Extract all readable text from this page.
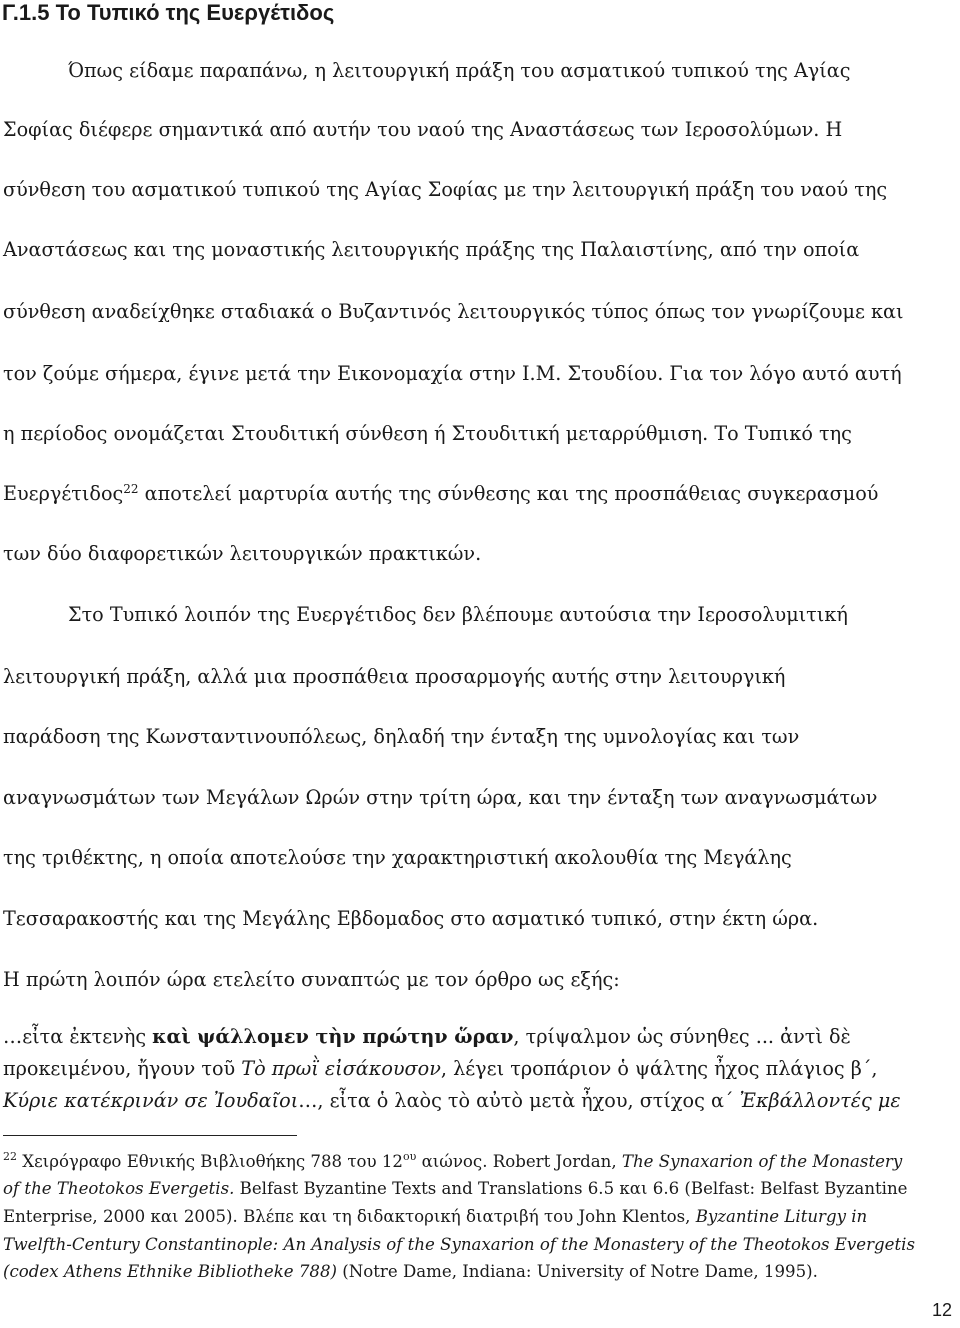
Γ.1.5 Το Τυπικό της Ευεργέτιδος
Όπως είδαμε παραπάνω, η λειτουργική πράξη του ασματικού τυπικού της Αγίας
Σοφίας διέφερε σημαντικά από αυτήν του ναού της Αναστάσεως των Ιεροσολύμων. Η
σύνθεση του ασματικού τυπικού της Αγίας Σοφίας με την λειτουργική πράξη του ναού της
Αναστάσεως και της μοναστικής λειτουργικής πράξης της Παλαιστίνης, από την οποία
σύνθεση αναδείχθηκε σταδιακά ο Βυζαντινός λειτουργικός τύπος όπως τον γνωρίζουμε και
τον ζούμε σήμερα, έγινε μετά την Εικονομαχία στην Ι.Μ. Στουδίου. Για τον λόγο αυτό αυτή
η περίοδος ονομάζεται Στουδιτική σύνθεση ή Στουδιτική μεταρρύθμιση. Το Τυπικό της
Ευεργέτιδος$^{22}$ αποτελεί μαρτυρία αυτής της σύνθεσης και της προσπάθειας συγκερασμού
των δύο διαφορετικών λειτουργικών πρακτικών.
Στο Τυπικό λοιπόν της Ευεργέτιδος δεν βλέπουμε αυτούσια την Ιεροσολυμιτική
λειτουργική πράξη, αλλά μια προσπάθεια προσαρμογής αυτής στην λειτουργική
παράδοση της Κωνσταντινουπόλεως, δηλαδή την ένταξη της υμνολογίας και των
αναγνωσμάτων των Μεγάλων Ωρών στην τρίτη ώρα, και την ένταξη των αναγνωσμάτων
της τριθέκτης, η οποία αποτελούσε την χαρακτηριστική ακολουθία της Μεγάλης
Τεσσαρακοστής και της Μεγάλης Εβδομαδος στο ασματικό τυπικό, στην έκτη ώρα.
Η πρώτη λοιπόν ώρα ετελείτο συναπτώς με τον όρθρο ως εξής:
…εἶτα ἐκτενὴς καὶ ψάλλομεν τὴν πρώτην ὥραν, τρίψαλμον ὡς σύνηθες ... ἀντὶ δὲ
προκειμένου, ἤγουν τοῦ Τὸ πρωῒ εἰσάκουσον, λέγει τροπάριον ὁ ψάλτης ἦχος πλάγιος β΄,
Κύριε κατέκρινάν σε Ἰουδαῖοι…, εἶτα ὁ λαὸς τὸ αὐτὸ μετὰ ἦχου, στίχος α΄ Ἐκβάλλοντές με
$^{22}$ Χειρόγραφο Εθνικής Βιβλιοθήκης 788 του 12$^{o\upsilon}$ αιώνος. Robert Jordan, The Synaxarion of the Monastery
of the Theotokos Evergetis. Belfast Byzantine Texts and Translations 6.5 και 6.6 (Belfast: Belfast Byzantine
Enterprise, 2000 και 2005). Βλέπε και τη διδακτορική διατριβή του John Klentos, Byzantine Liturgy in
Twelfth-Century Constantinople: An Analysis of the Synaxarion of the Monastery of the Theotokos Evergetis
(codex Athens Ethnike Bibliotheke 788) (Notre Dame, Indiana: University of Notre Dame, 1995).
12
